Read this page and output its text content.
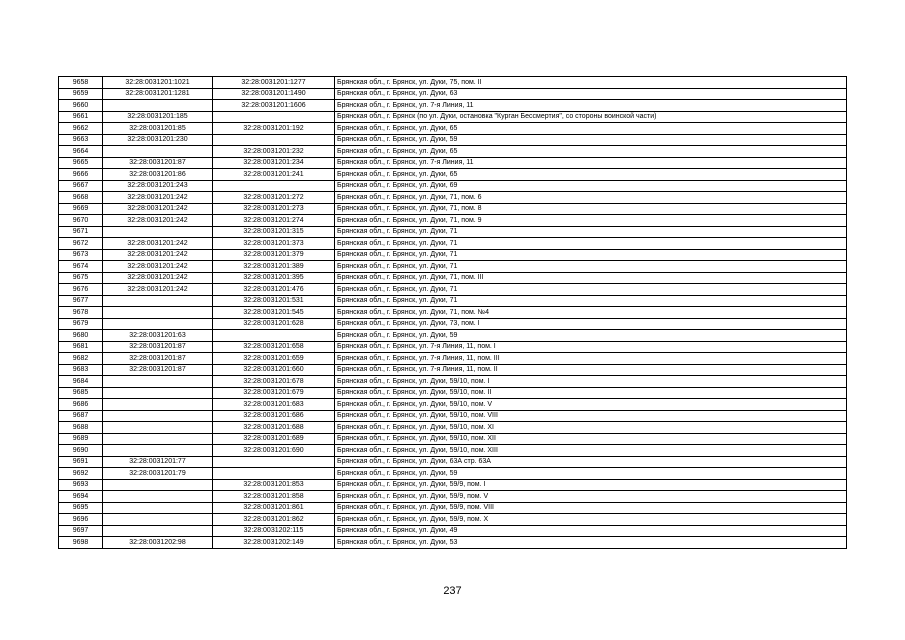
9658	32:28:0031201:1021	32:28:0031201:1277	Брянская обл., г. Брянск, ул. Дуки, 75, пом. II
9659	32:28:0031201:1281	32:28:0031201:1490	Брянская обл., г. Брянск, ул. Дуки, 63
9660		32:28:0031201:1606	Брянская обл., г. Брянск, ул. 7-я Линия, 11
9661	32:28:0031201:185		Брянская обл., г. Брянск (по ул. Дуки, остановка "Курган Бессмертия", со стороны воинской части)
9662	32:28:0031201:85	32:28:0031201:192	Брянская обл., г. Брянск, ул. Дуки, 65
9663	32:28:0031201:230		Брянская обл., г. Брянск, ул. Дуки, 59
9664		32:28:0031201:232	Брянская обл., г. Брянск, ул. Дуки, 65
9665	32:28:0031201:87	32:28:0031201:234	Брянская обл., г. Брянск, ул. 7-я Линия, 11
9666	32:28:0031201:86	32:28:0031201:241	Брянская обл., г. Брянск, ул. Дуки, 65
9667	32:28:0031201:243		Брянская обл., г. Брянск, ул. Дуки, 69
9668	32:28:0031201:242	32:28:0031201:272	Брянская обл., г. Брянск, ул. Дуки, 71, пом. 6
9669	32:28:0031201:242	32:28:0031201:273	Брянская обл., г. Брянск, ул. Дуки, 71, пом. 8
9670	32:28:0031201:242	32:28:0031201:274	Брянская обл., г. Брянск, ул. Дуки, 71, пом. 9
9671		32:28:0031201:315	Брянская обл., г. Брянск, ул. Дуки, 71
9672	32:28:0031201:242	32:28:0031201:373	Брянская обл., г. Брянск, ул. Дуки, 71
9673	32:28:0031201:242	32:28:0031201:379	Брянская обл., г. Брянск, ул. Дуки, 71
9674	32:28:0031201:242	32:28:0031201:389	Брянская обл., г. Брянск, ул. Дуки, 71
9675	32:28:0031201:242	32:28:0031201:395	Брянская обл., г. Брянск, ул. Дуки, 71, пом. III
9676	32:28:0031201:242	32:28:0031201:476	Брянская обл., г. Брянск, ул. Дуки, 71
9677		32:28:0031201:531	Брянская обл., г. Брянск, ул. Дуки, 71
9678		32:28:0031201:545	Брянская обл., г. Брянск, ул. Дуки, 71, пом. №4
9679		32:28:0031201:628	Брянская обл., г. Брянск, ул. Дуки, 73, пом. I
9680	32:28:0031201:63		Брянская обл., г. Брянск, ул. Дуки, 59
9681	32:28:0031201:87	32:28:0031201:658	Брянская обл., г. Брянск, ул. 7-я Линия, 11, пом. I
9682	32:28:0031201:87	32:28:0031201:659	Брянская обл., г. Брянск, ул. 7-я Линия, 11, пом. III
9683	32:28:0031201:87	32:28:0031201:660	Брянская обл., г. Брянск, ул. 7-я Линия, 11, пом. II
9684		32:28:0031201:678	Брянская обл., г. Брянск, ул. Дуки, 59/10, пом. I
9685		32:28:0031201:679	Брянская обл., г. Брянск, ул. Дуки, 59/10, пом. II
9686		32:28:0031201:683	Брянская обл., г. Брянск, ул. Дуки, 59/10, пом. V
9687		32:28:0031201:686	Брянская обл., г. Брянск, ул. Дуки, 59/10, пом. VIII
9688		32:28:0031201:688	Брянская обл., г. Брянск, ул. Дуки, 59/10, пом. XI
9689		32:28:0031201:689	Брянская обл., г. Брянск, ул. Дуки, 59/10, пом. XII
9690		32:28:0031201:690	Брянская обл., г. Брянск, ул. Дуки, 59/10, пом. XIII
9691	32:28:0031201:77		Брянская обл., г. Брянск, ул. Дуки, 63А стр. 63А
9692	32:28:0031201:79		Брянская обл., г. Брянск, ул. Дуки, 59
9693		32:28:0031201:853	Брянская обл., г. Брянск, ул. Дуки, 59/9, пом. I
9694		32:28:0031201:858	Брянская обл., г. Брянск, ул. Дуки, 59/9, пом. V
9695		32:28:0031201:861	Брянская обл., г. Брянск, ул. Дуки, 59/9, пом. VIII
9696		32:28:0031201:862	Брянская обл., г. Брянск, ул. Дуки, 59/9, пом. X
9697		32:28:0031202:115	Брянская обл., г. Брянск, ул. Дуки, 49
9698	32:28:0031202:98	32:28:0031202:149	Брянская обл., г. Брянск, ул. Дуки, 53
237
